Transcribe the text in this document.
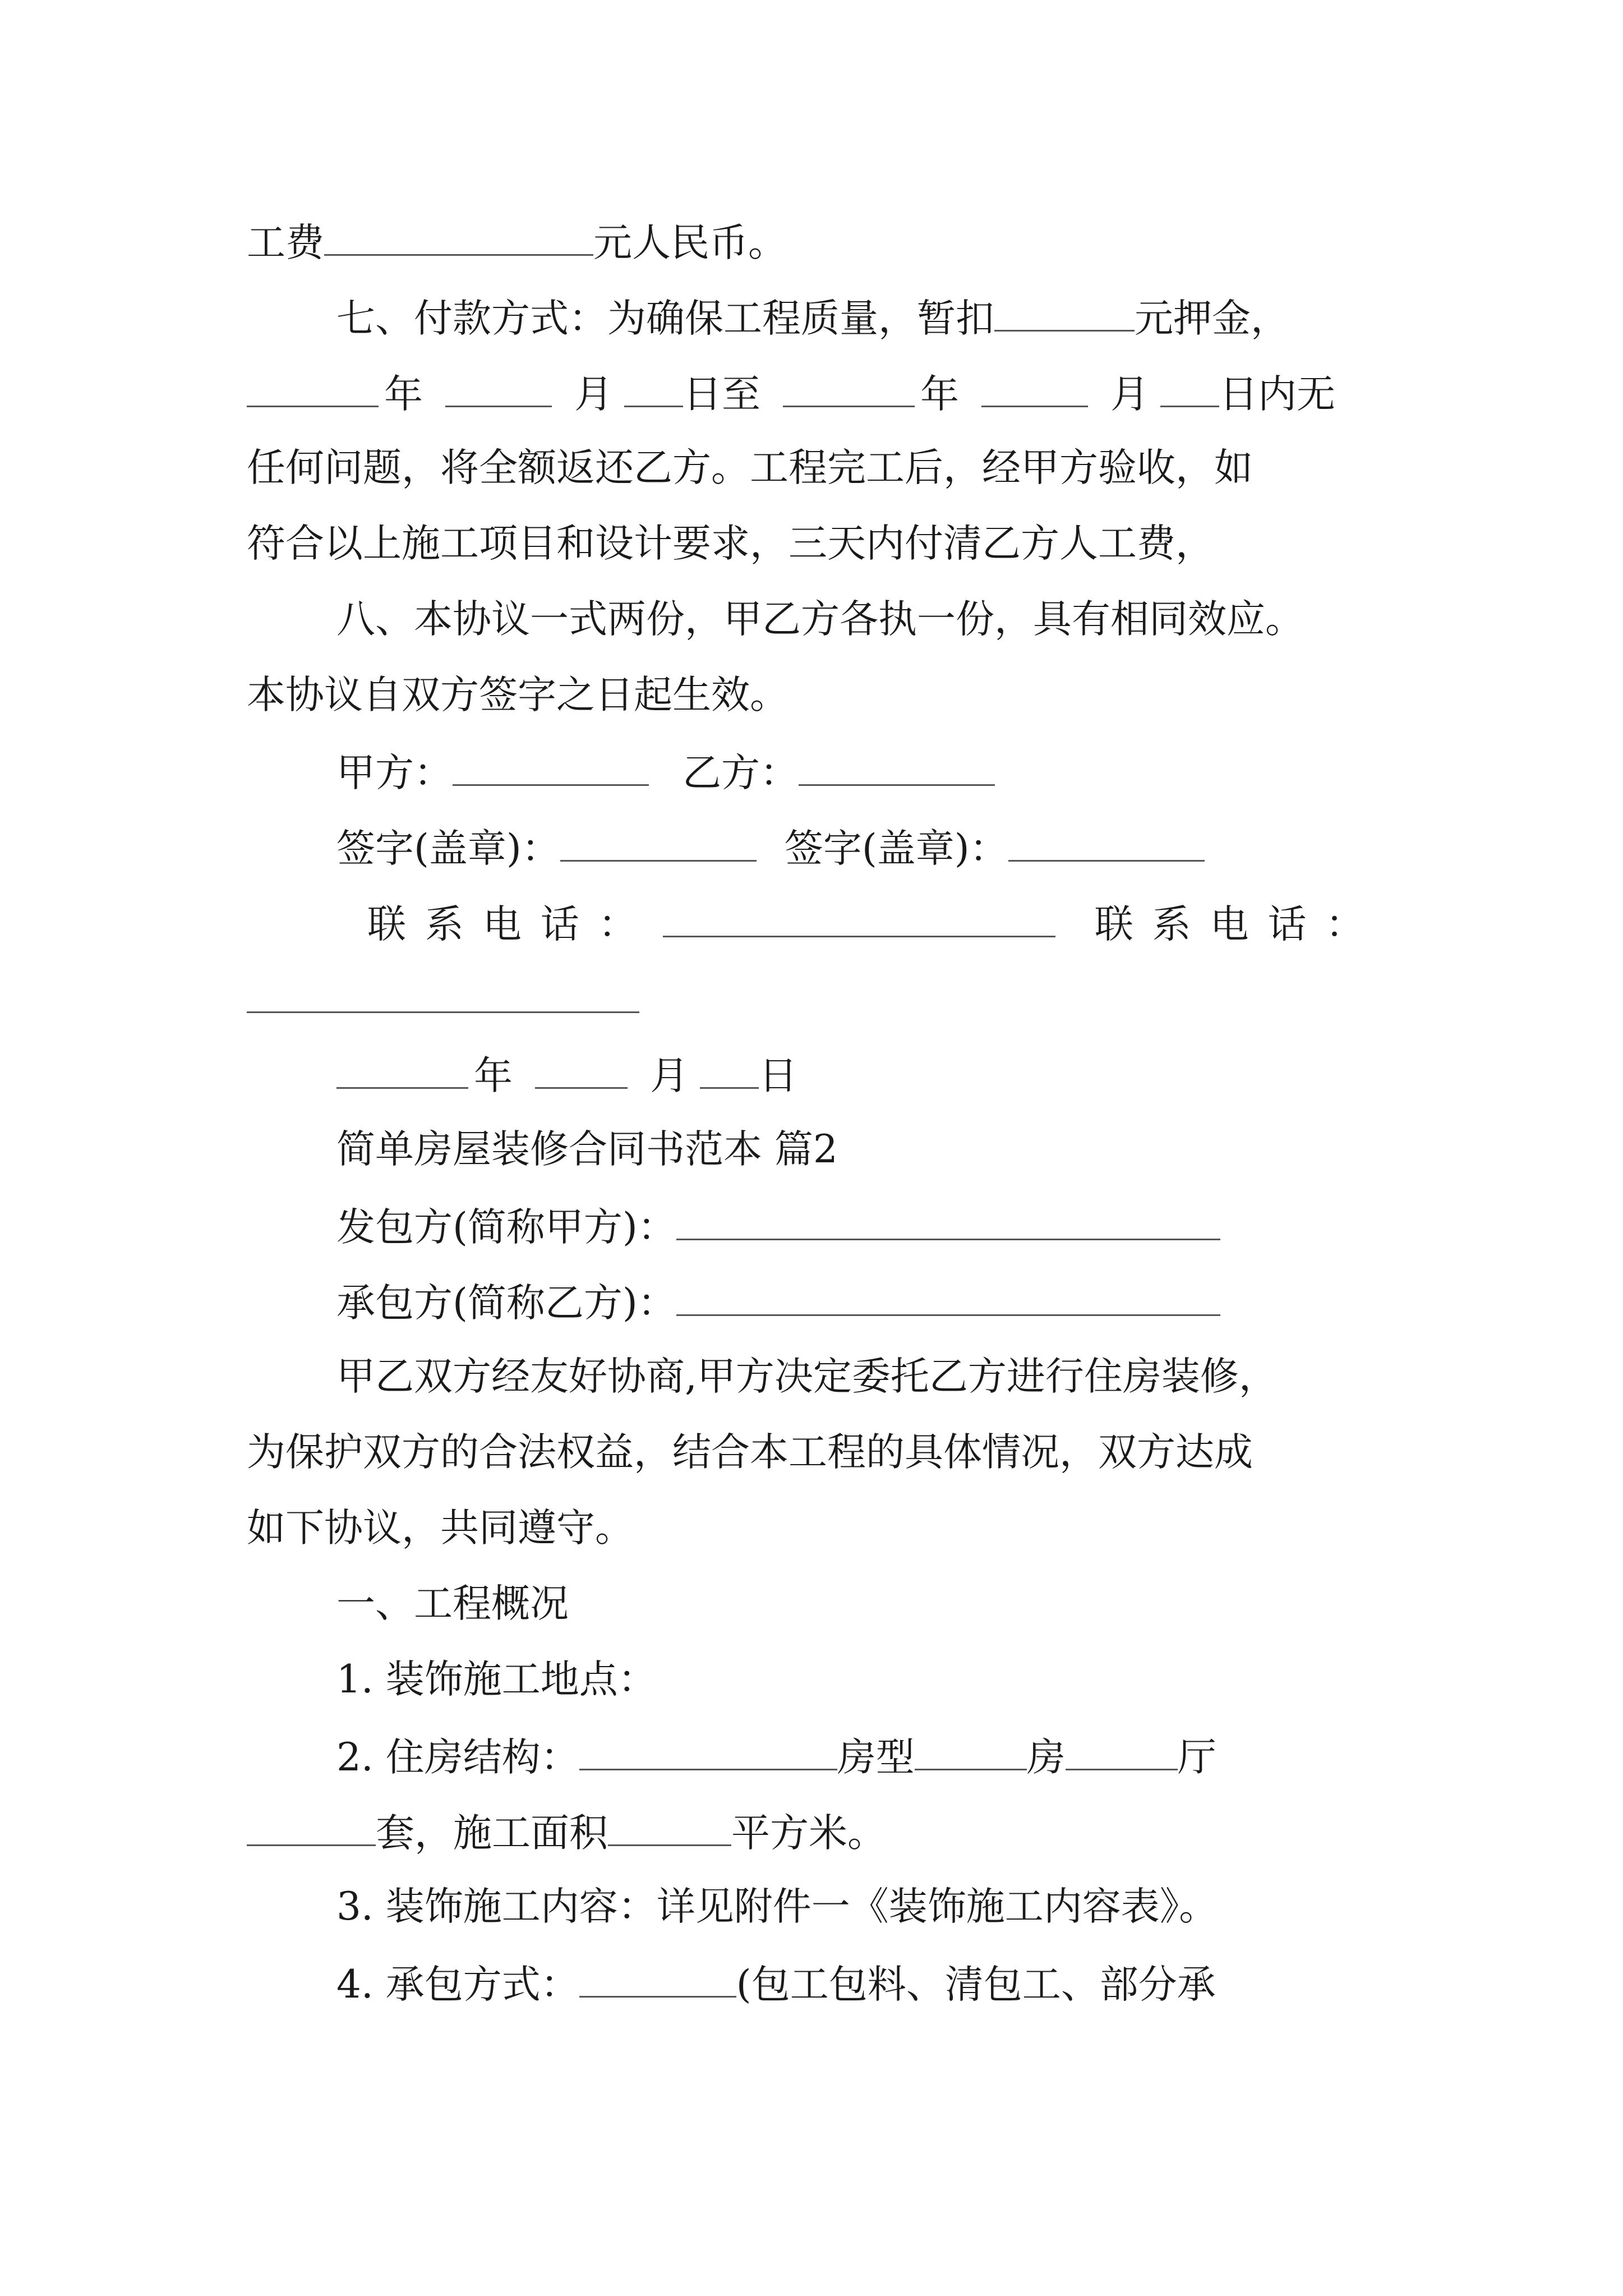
工费	元人民币。
七、付款方式：为确保工程质量，暂扣	元押金，
年	月 日至	年	月 日内无
任何问题，将全额返还乙方。工程完工后，经甲方验收，如
符合以上施工项目和设计要求，三天内付清乙方人工费，
八、本协议一式两份，甲乙方各执一份，具有相同效应。
本协议自双方签字之日起生效。
甲方：	乙方：
签字(盖章)：	签字(盖章)：
联 系 电 话 ：	联 系 电 话 ：
年	月 日
简单房屋装修合同书范本 篇2
发包方(简称甲方)：
承包方(简称乙方)：
甲乙双方经友好协商,甲方决定委托乙方进行住房装修，
为保护双方的合法权益，结合本工程的具体情况，双方达成
如下协议，共同遵守。
一、工程概况
1. 装饰施工地点：
2. 住房结构：	房型	房	厅
套，施工面积	平方米。
3. 装饰施工内容：详见附件一《装饰施工内容表》。
4. 承包方式：	(包工包料、清包工、部分承
